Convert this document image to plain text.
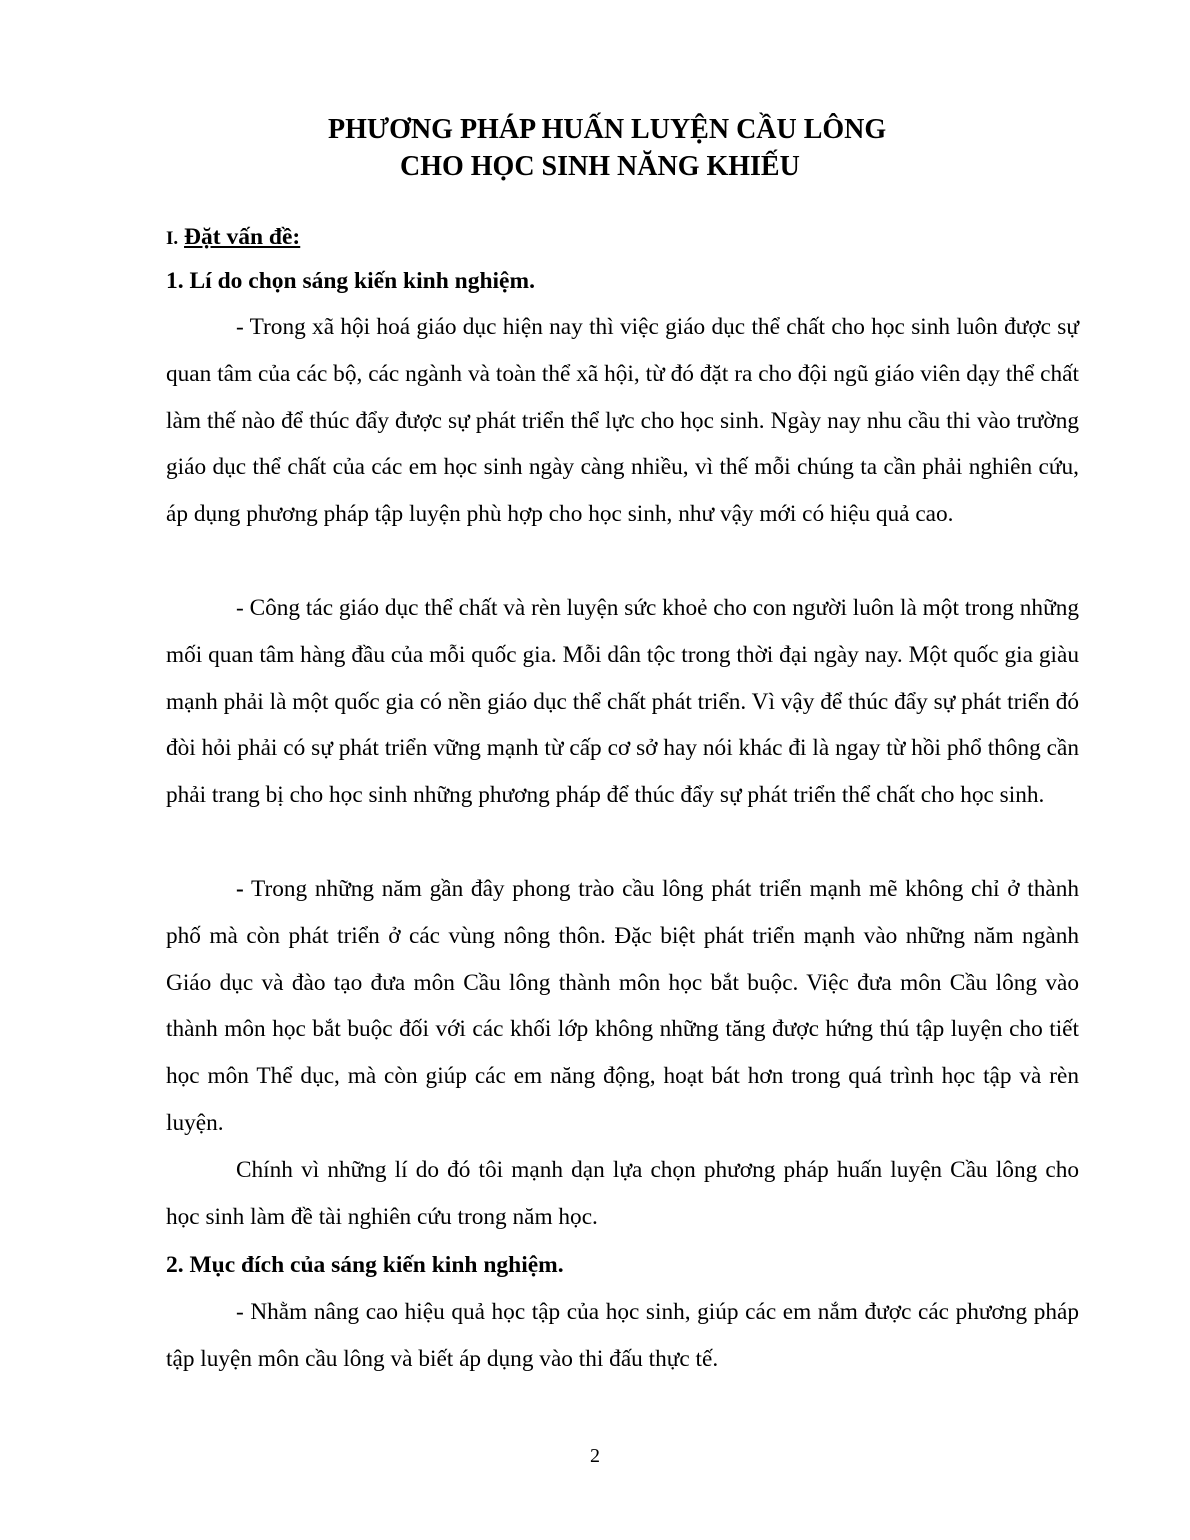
PHƯƠNG PHÁP HUẤN LUYỆN CẦU LÔNG
CHO HỌC SINH NĂNG KHIẾU
I. Đặt vấn đề:
1. Lí do chọn sáng kiến kinh nghiệm.

- Trong xã hội hoá giáo dục hiện nay thì việc giáo dục thể chất cho học sinh luôn được sự quan tâm của các bộ, các ngành và toàn thể xã hội, từ đó đặt ra cho đội ngũ giáo viên dạy thể chất làm thế nào để thúc đẩy được sự phát triển thể lực cho học sinh. Ngày nay nhu cầu thi vào trường giáo dục thể chất của các em học sinh ngày càng nhiều, vì thế mỗi chúng ta cần phải nghiên cứu, áp dụng phương pháp tập luyện phù hợp cho học sinh, như vậy mới có hiệu quả cao.

- Công tác giáo dục thể chất và rèn luyện sức khoẻ cho con người luôn là một trong những mối quan tâm hàng đầu của mỗi quốc gia. Mỗi dân tộc trong thời đại ngày nay. Một quốc gia giàu mạnh phải là một quốc gia có nền giáo dục thể chất phát triển. Vì vậy để thúc đẩy sự phát triển đó đòi hỏi phải có sự phát triển vững mạnh từ cấp cơ sở hay nói khác đi là ngay từ hồi phổ thông cần phải trang bị cho học sinh những phương pháp để thúc đẩy sự phát triển thể chất cho học sinh.

- Trong những năm gần đây phong trào cầu lông phát triển mạnh mẽ không chỉ ở thành phố mà còn phát triển ở các vùng nông thôn. Đặc biệt phát triển mạnh vào những năm ngành Giáo dục và đào tạo đưa môn Cầu lông thành môn học bắt buộc. Việc đưa môn Cầu lông vào thành môn học bắt buộc đối với các khối lớp không những tăng được hứng thú tập luyện cho tiết học môn Thể dục, mà còn giúp các em năng động, hoạt bát hơn trong quá trình học tập và rèn luyện.

Chính vì những lí do đó tôi mạnh dạn lựa chọn phương pháp huấn luyện Cầu lông cho học sinh làm đề tài nghiên cứu trong năm học.

2. Mục đích của sáng kiến kinh nghiệm.

- Nhằm nâng cao hiệu quả học tập của học sinh, giúp các em nắm được các phương pháp tập luyện môn cầu lông và biết áp dụng vào thi đấu thực tế.

2
